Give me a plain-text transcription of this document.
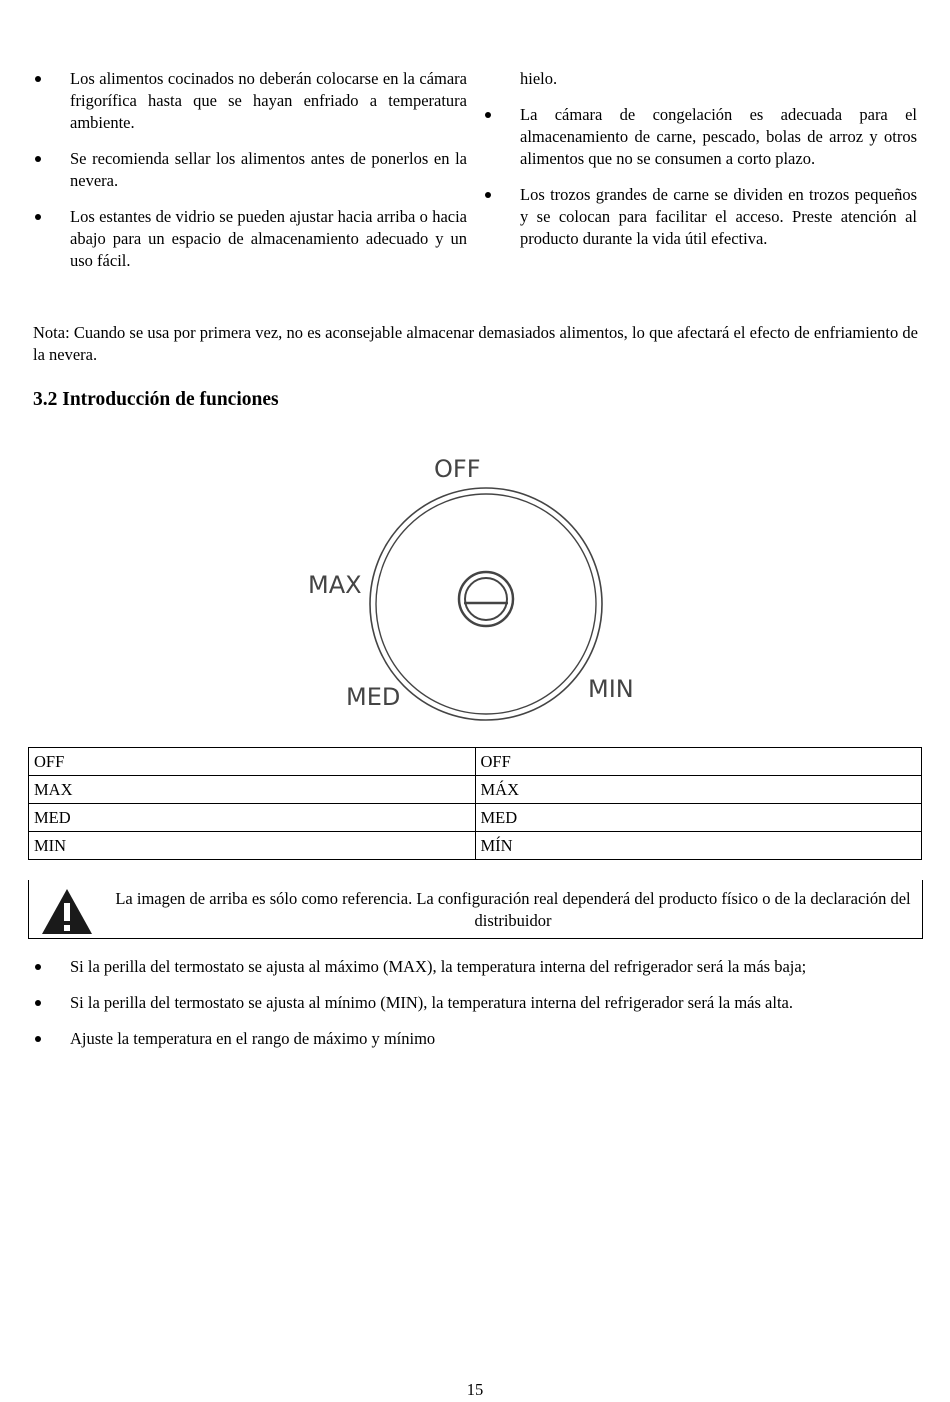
Los alimentos cocinados no deberán colocarse en la cámara frigorífica hasta que se hayan enfriado a temperatura ambiente.
Se recomienda sellar los alimentos antes de ponerlos en la nevera.
Los estantes de vidrio se pueden ajustar hacia arriba o hacia abajo para un espacio de almacenamiento adecuado y un uso fácil.
hielo.
La cámara de congelación es adecuada para el almacenamiento de carne, pescado, bolas de arroz y otros alimentos que no se consumen a corto plazo.
Los trozos grandes de carne se dividen en trozos pequeños y se colocan para facilitar el acceso. Preste atención al producto durante la vida útil efectiva.
Nota: Cuando se usa por primera vez, no es aconsejable almacenar demasiados alimentos, lo que afectará el efecto de enfriamiento de la nevera.
3.2 Introducción de funciones
OFF
MAX
MED	MIN
OFF	OFF
MAX	MÁX
MED	MED
MIN	MÍN
La imagen de arriba es sólo como referencia. La configuración real dependerá del producto físico o de la declaración del distribuidor
Si la perilla del termostato se ajusta al máximo (MAX), la temperatura interna del refrigerador será la más baja;
Si la perilla del termostato se ajusta al mínimo (MIN), la temperatura interna del refrigerador será la más alta.
Ajuste la temperatura en el rango de máximo y mínimo
15
